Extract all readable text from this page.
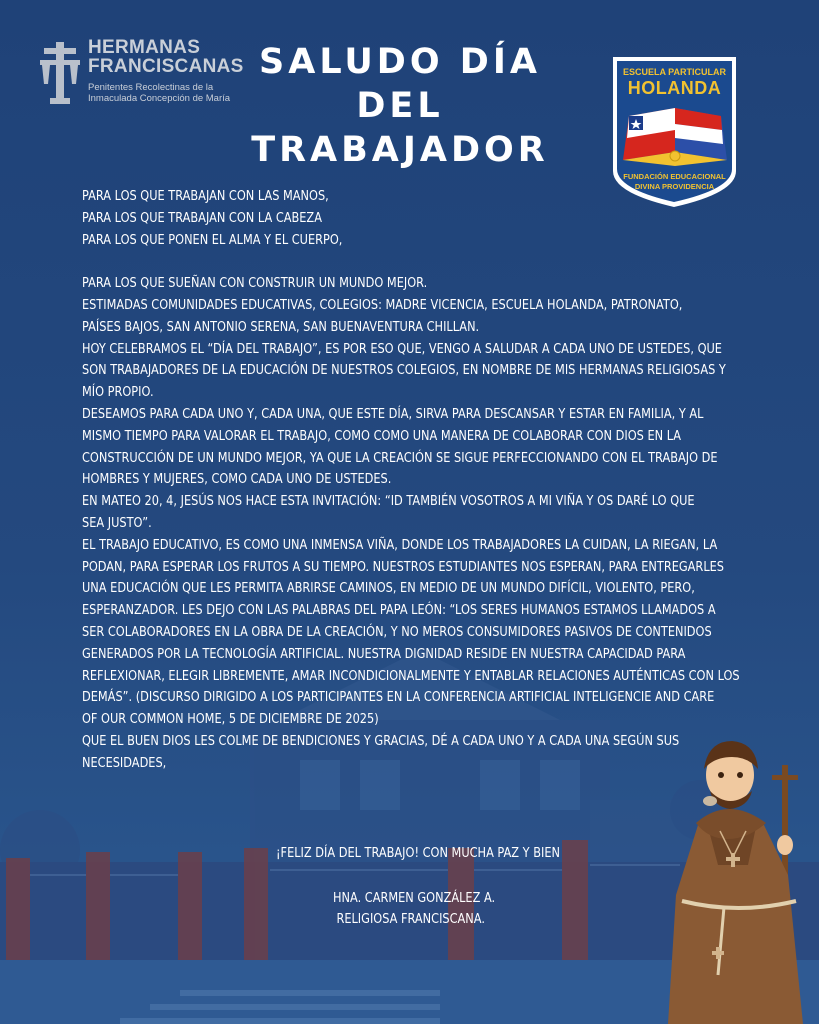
HERMANAS
FRANCISCANAS
Penitentes Recolectinas de la
Inmaculada Concepción de María
SALUDO DÍA DEL
TRABAJADOR
ESCUELA PARTICULAR
HOLANDA
FUNDACIÓN EDUCACIONAL
DIVINA PROVIDENCIA

PARA LOS QUE TRABAJAN CON LAS MANOS,

PARA LOS QUE TRABAJAN CON LA CABEZA

PARA LOS QUE PONEN EL ALMA Y EL CUERPO,

PARA LOS QUE SUEÑAN CON CONSTRUIR UN MUNDO MEJOR.

ESTIMADAS COMUNIDADES EDUCATIVAS, COLEGIOS: MADRE VICENCIA, ESCUELA HOLANDA, PATRONATO,

PAÍSES BAJOS, SAN ANTONIO SERENA, SAN BUENAVENTURA CHILLAN.

HOY CELEBRAMOS EL “DÍA DEL TRABAJO”, ES POR ESO QUE, VENGO A SALUDAR A CADA UNO DE USTEDES, QUE

SON TRABAJADORES DE LA EDUCACIÓN DE NUESTROS COLEGIOS, EN NOMBRE DE MIS HERMANAS RELIGIOSAS Y

MÍO PROPIO.

DESEAMOS PARA CADA UNO Y, CADA UNA, QUE ESTE DÍA, SIRVA PARA DESCANSAR Y ESTAR EN FAMILIA, Y AL

MISMO TIEMPO PARA VALORAR EL TRABAJO, COMO COMO UNA MANERA DE COLABORAR CON DIOS EN LA

CONSTRUCCIÓN DE UN MUNDO MEJOR, YA QUE LA CREACIÓN SE SIGUE PERFECCIONANDO CON EL TRABAJO DE

HOMBRES Y MUJERES, COMO CADA UNO DE USTEDES.

EN MATEO 20, 4, JESÚS NOS HACE ESTA INVITACIÓN: “ID TAMBIÉN VOSOTROS A MI VIÑA Y OS DARÉ LO QUE

SEA JUSTO”.

EL TRABAJO EDUCATIVO, ES COMO UNA INMENSA VIÑA, DONDE LOS TRABAJADORES LA CUIDAN, LA RIEGAN, LA

PODAN, PARA ESPERAR LOS FRUTOS A SU TIEMPO. NUESTROS ESTUDIANTES NOS ESPERAN, PARA ENTREGARLES

UNA EDUCACIÓN QUE LES PERMITA ABRIRSE CAMINOS, EN MEDIO DE UN MUNDO DIFÍCIL, VIOLENTO, PERO,

ESPERANZADOR. LES DEJO CON LAS PALABRAS DEL PAPA LEÓN: “LOS SERES HUMANOS ESTAMOS LLAMADOS A

SER COLABORADORES EN LA OBRA DE LA CREACIÓN, Y NO MEROS CONSUMIDORES PASIVOS DE CONTENIDOS

GENERADOS POR LA TECNOLOGÍA ARTIFICIAL. NUESTRA DIGNIDAD RESIDE EN NUESTRA CAPACIDAD PARA

REFLEXIONAR, ELEGIR LIBREMENTE, AMAR INCONDICIONALMENTE Y ENTABLAR RELACIONES AUTÉNTICAS CON LOS

DEMÁS”. (DISCURSO DIRIGIDO A LOS PARTICIPANTES EN LA CONFERENCIA ARTIFICIAL INTELIGENCIE AND CARE

OF OUR COMMON HOME, 5 DE DICIEMBRE DE 2025)

QUE EL BUEN DIOS LES COLME DE BENDICIONES Y GRACIAS, DÉ A CADA UNO Y A CADA UNA SEGÚN SUS

NECESIDADES,

¡FELIZ DÍA DEL TRABAJO! CON MUCHA PAZ Y BIEN
HNA. CARMEN GONZÁLEZ A.
RELIGIOSA FRANCISCANA.
